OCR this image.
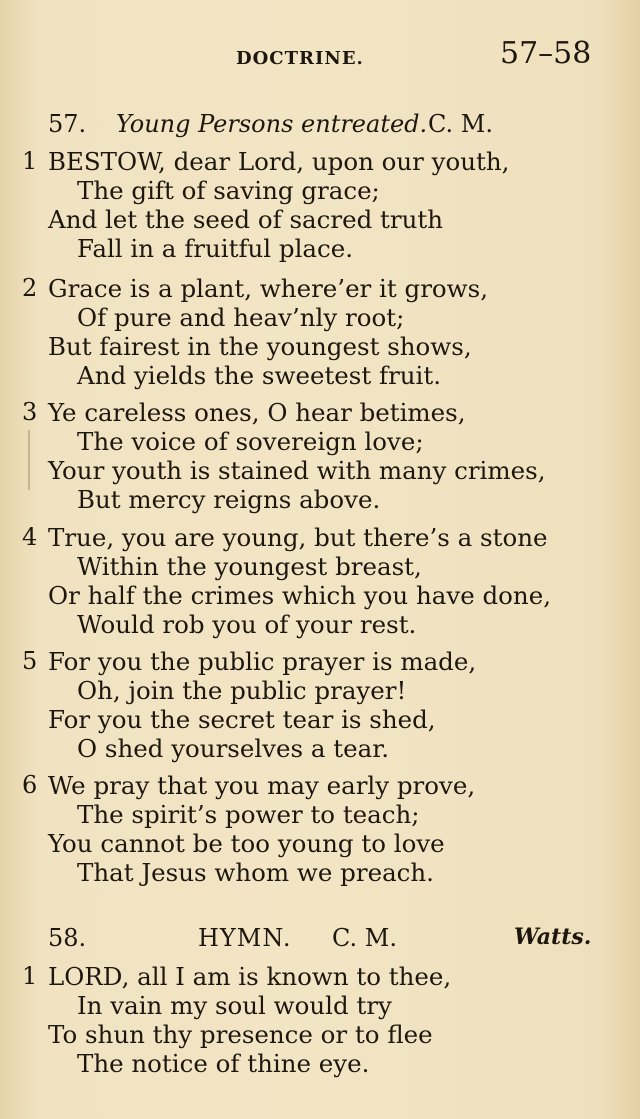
DOCTRINE.	57–58
57. Young Persons entreated. C. M.
1 BESTOW, dear Lord, upon our youth,
The gift of saving grace;
And let the seed of sacred truth
Fall in a fruitful place.
2 Grace is a plant, where’er it grows,
Of pure and heav’nly root;
But fairest in the youngest shows,
And yields the sweetest fruit.
3 Ye careless ones, O hear betimes,
The voice of sovereign love;
Your youth is stained with many crimes,
But mercy reigns above.
4 True, you are young, but there’s a stone
Within the youngest breast,
Or half the crimes which you have done,
Would rob you of your rest.
5 For you the public prayer is made,
Oh, join the public prayer!
For you the secret tear is shed,
O shed yourselves a tear.
6 We pray that you may early prove,
The spirit’s power to teach;
You cannot be too young to love
That Jesus whom we preach.
58.	HYMN. C. M.	Watts.
1 LORD, all I am is known to thee,
In vain my soul would try
To shun thy presence or to flee
The notice of thine eye.
